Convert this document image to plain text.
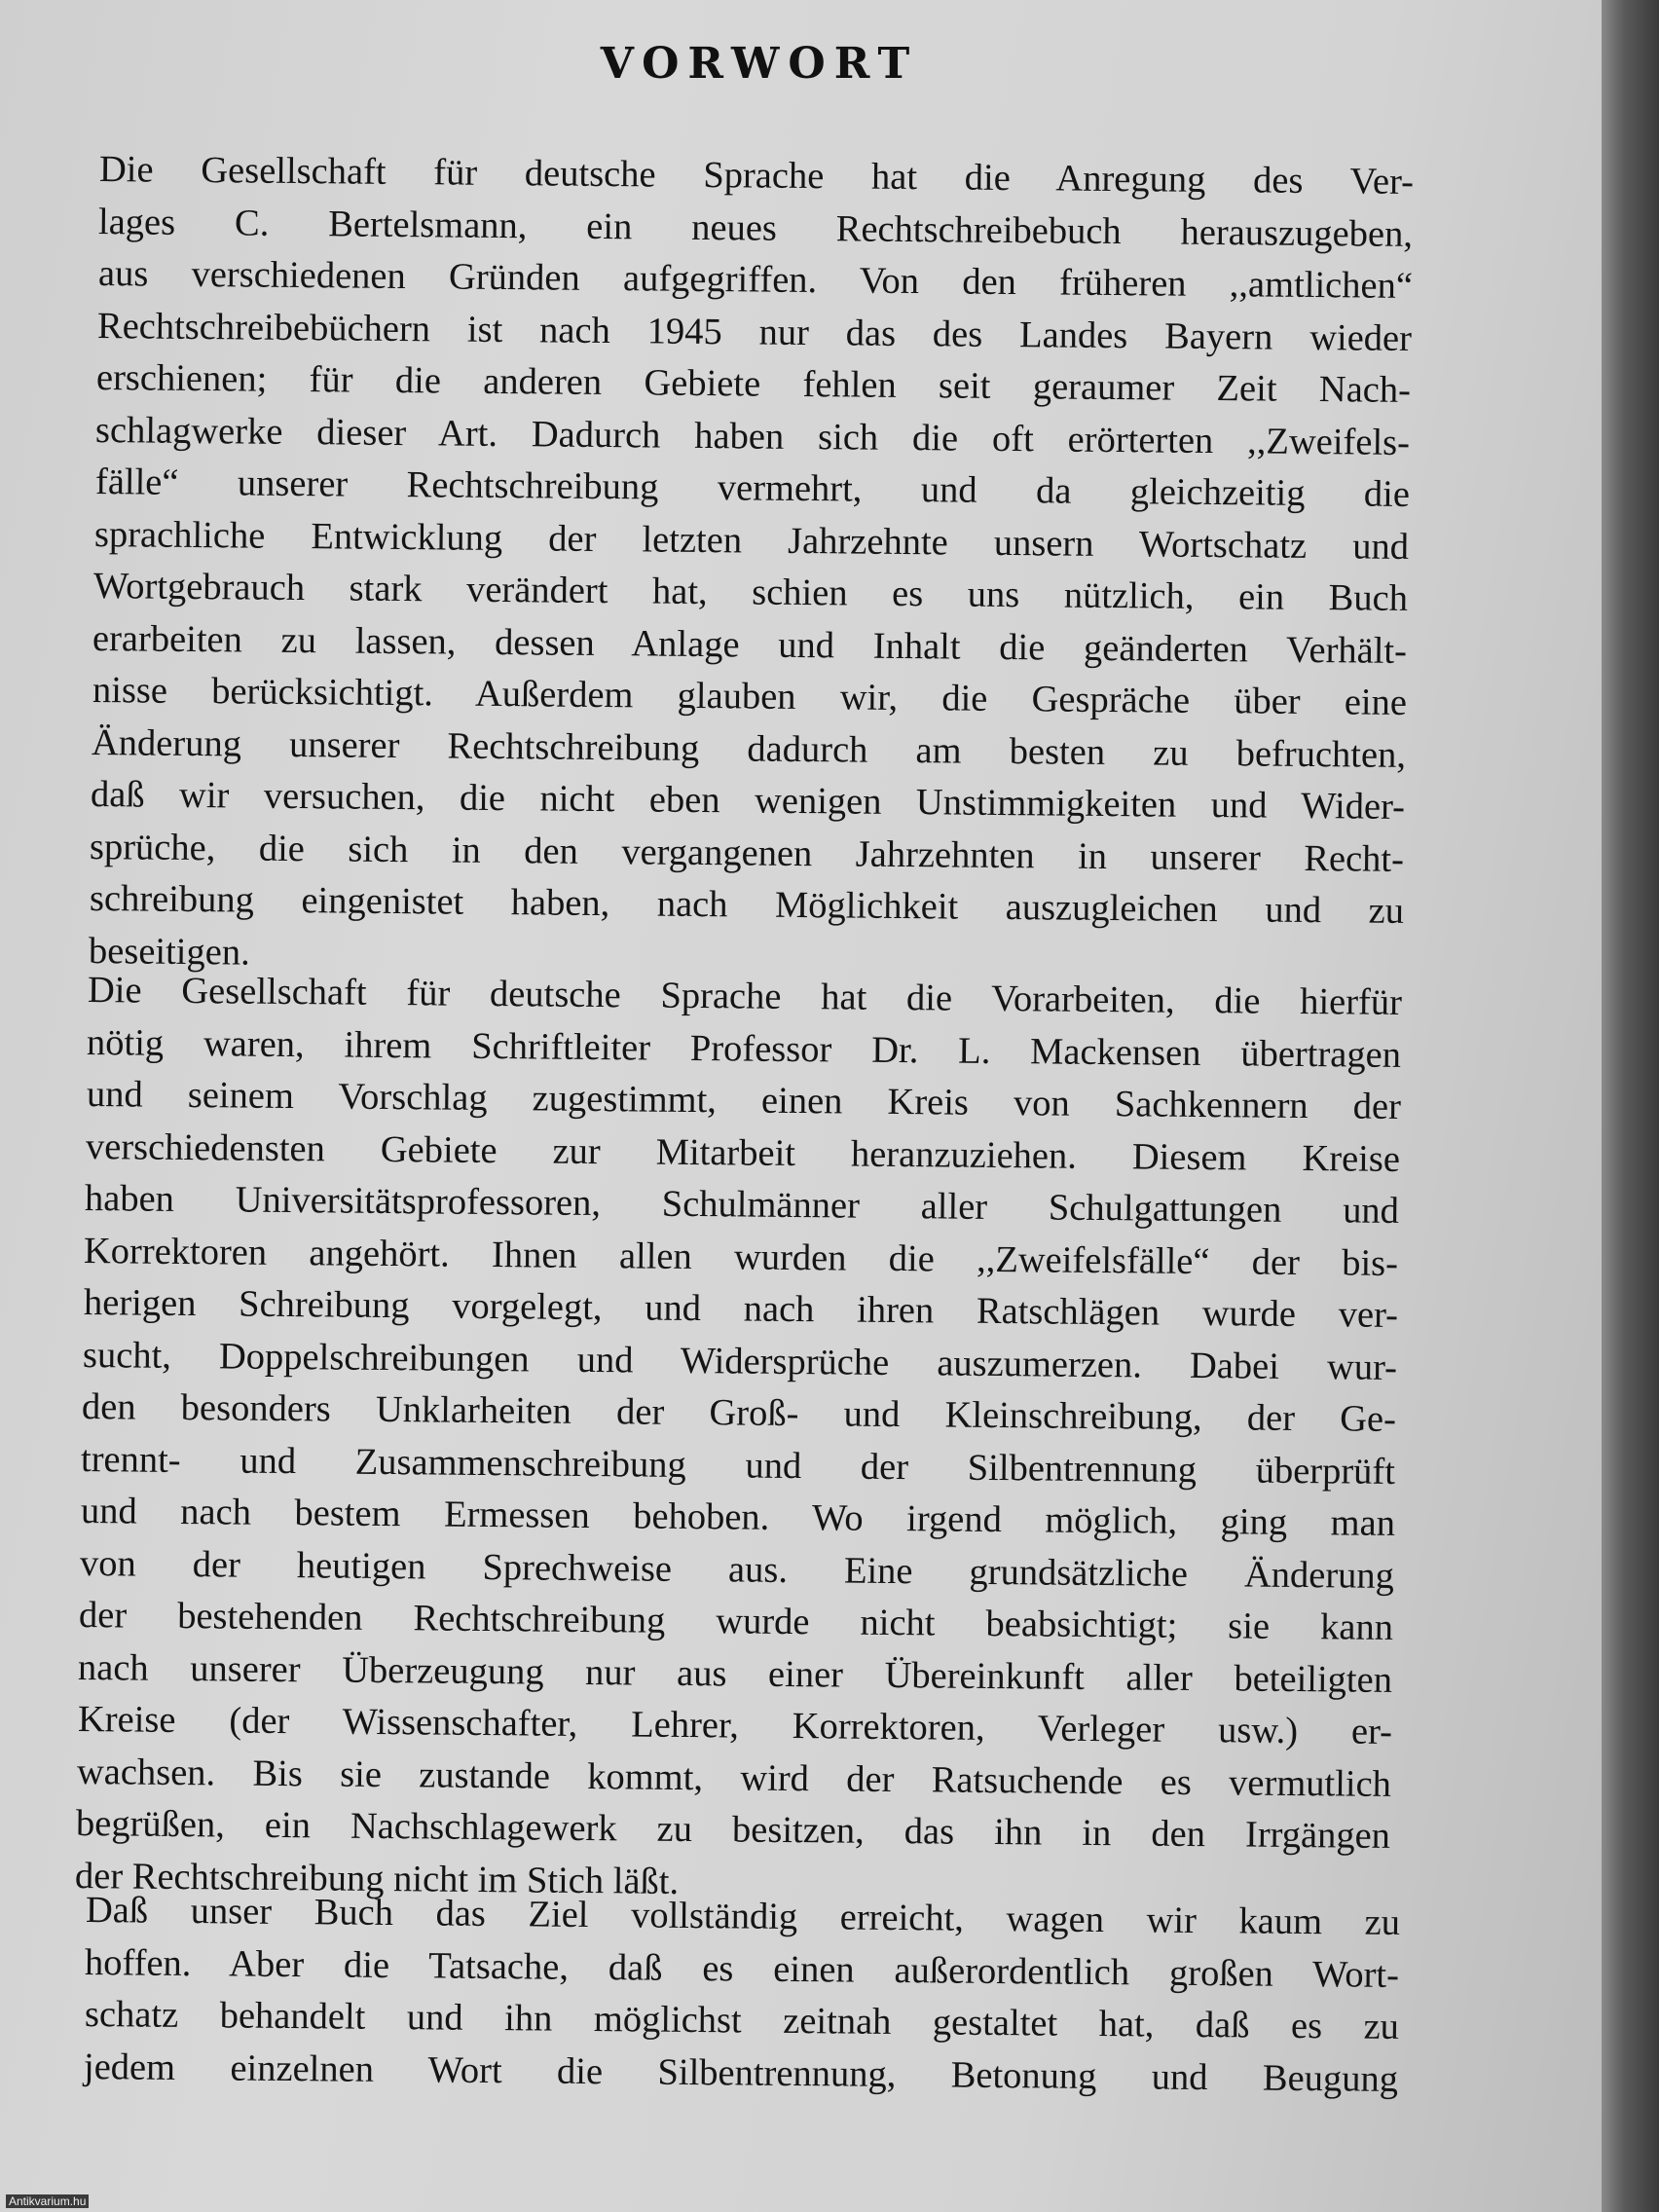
VORWORT
Die Gesellschaft für deutsche Sprache hat die Anregung des Ver-
lages C. Bertelsmann, ein neues Rechtschreibebuch herauszugeben,
aus verschiedenen Gründen aufgegriffen. Von den früheren ,,amtlichen“
Rechtschreibebüchern ist nach 1945 nur das des Landes Bayern wieder
erschienen; für die anderen Gebiete fehlen seit geraumer Zeit Nach-
schlagwerke dieser Art. Dadurch haben sich die oft erörterten ,,Zweifels-
fälle“ unserer Rechtschreibung vermehrt, und da gleichzeitig die
sprachliche Entwicklung der letzten Jahrzehnte unsern Wortschatz und
Wortgebrauch stark verändert hat, schien es uns nützlich, ein Buch
erarbeiten zu lassen, dessen Anlage und Inhalt die geänderten Verhält-
nisse berücksichtigt. Außerdem glauben wir, die Gespräche über eine
Änderung unserer Rechtschreibung dadurch am besten zu befruchten,
daß wir versuchen, die nicht eben wenigen Unstimmigkeiten und Wider-
sprüche, die sich in den vergangenen Jahrzehnten in unserer Recht-
schreibung eingenistet haben, nach Möglichkeit auszugleichen und zu
beseitigen.
Die Gesellschaft für deutsche Sprache hat die Vorarbeiten, die hierfür
nötig waren, ihrem Schriftleiter Professor Dr. L. Mackensen übertragen
und seinem Vorschlag zugestimmt, einen Kreis von Sachkennern der
verschiedensten Gebiete zur Mitarbeit heranzuziehen. Diesem Kreise
haben Universitätsprofessoren, Schulmänner aller Schulgattungen und
Korrektoren angehört. Ihnen allen wurden die ,,Zweifelsfälle“ der bis-
herigen Schreibung vorgelegt, und nach ihren Ratschlägen wurde ver-
sucht, Doppelschreibungen und Widersprüche auszumerzen. Dabei wur-
den besonders Unklarheiten der Groß- und Kleinschreibung, der Ge-
trennt- und Zusammenschreibung und der Silbentrennung überprüft
und nach bestem Ermessen behoben. Wo irgend möglich, ging man
von der heutigen Sprechweise aus. Eine grundsätzliche Änderung
der bestehenden Rechtschreibung wurde nicht beabsichtigt; sie kann
nach unserer Überzeugung nur aus einer Übereinkunft aller beteiligten
Kreise (der Wissenschafter, Lehrer, Korrektoren, Verleger usw.) er-
wachsen. Bis sie zustande kommt, wird der Ratsuchende es vermutlich
begrüßen, ein Nachschlagewerk zu besitzen, das ihn in den Irrgängen
der Rechtschreibung nicht im Stich läßt.
Daß unser Buch das Ziel vollständig erreicht, wagen wir kaum zu
hoffen. Aber die Tatsache, daß es einen außerordentlich großen Wort-
schatz behandelt und ihn möglichst zeitnah gestaltet hat, daß es zu
jedem einzelnen Wort die Silbentrennung, Betonung und Beugung
Antikvarium.hu
